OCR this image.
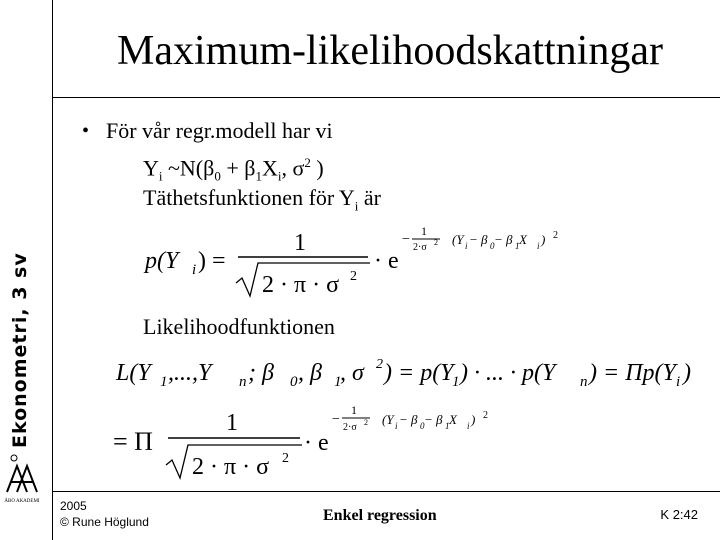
Ekonometri, 3 sv
ÅBO AKADEMI
Maximum-likelihoodskattningar
• För vår regr.modell har vi
$Y_i$ $\sim N(\beta_0 + \beta_1X_i$, $\sigma^2$ )
Täthetsfunktionen för $Y_i$ är
p(Y i ) =
1
2 · π · σ 2
· e
−
1
2·σ 2 (Y i − β 0 − β 1 X i ) 2
Likelihoodfunktionen
L(Y 1 ,...,Y n ; β 0 , β 1
, σ 2 ) = p(Y
1 ) · ... · p(Y n ) = Πp(Y i )
= Π
1
2 · π · σ 2
· e
−
1
2·σ 2 (Y i − β 0 − β 1 X i ) 2
2005
© Rune Höglund	Enkel regression	K 2:42
